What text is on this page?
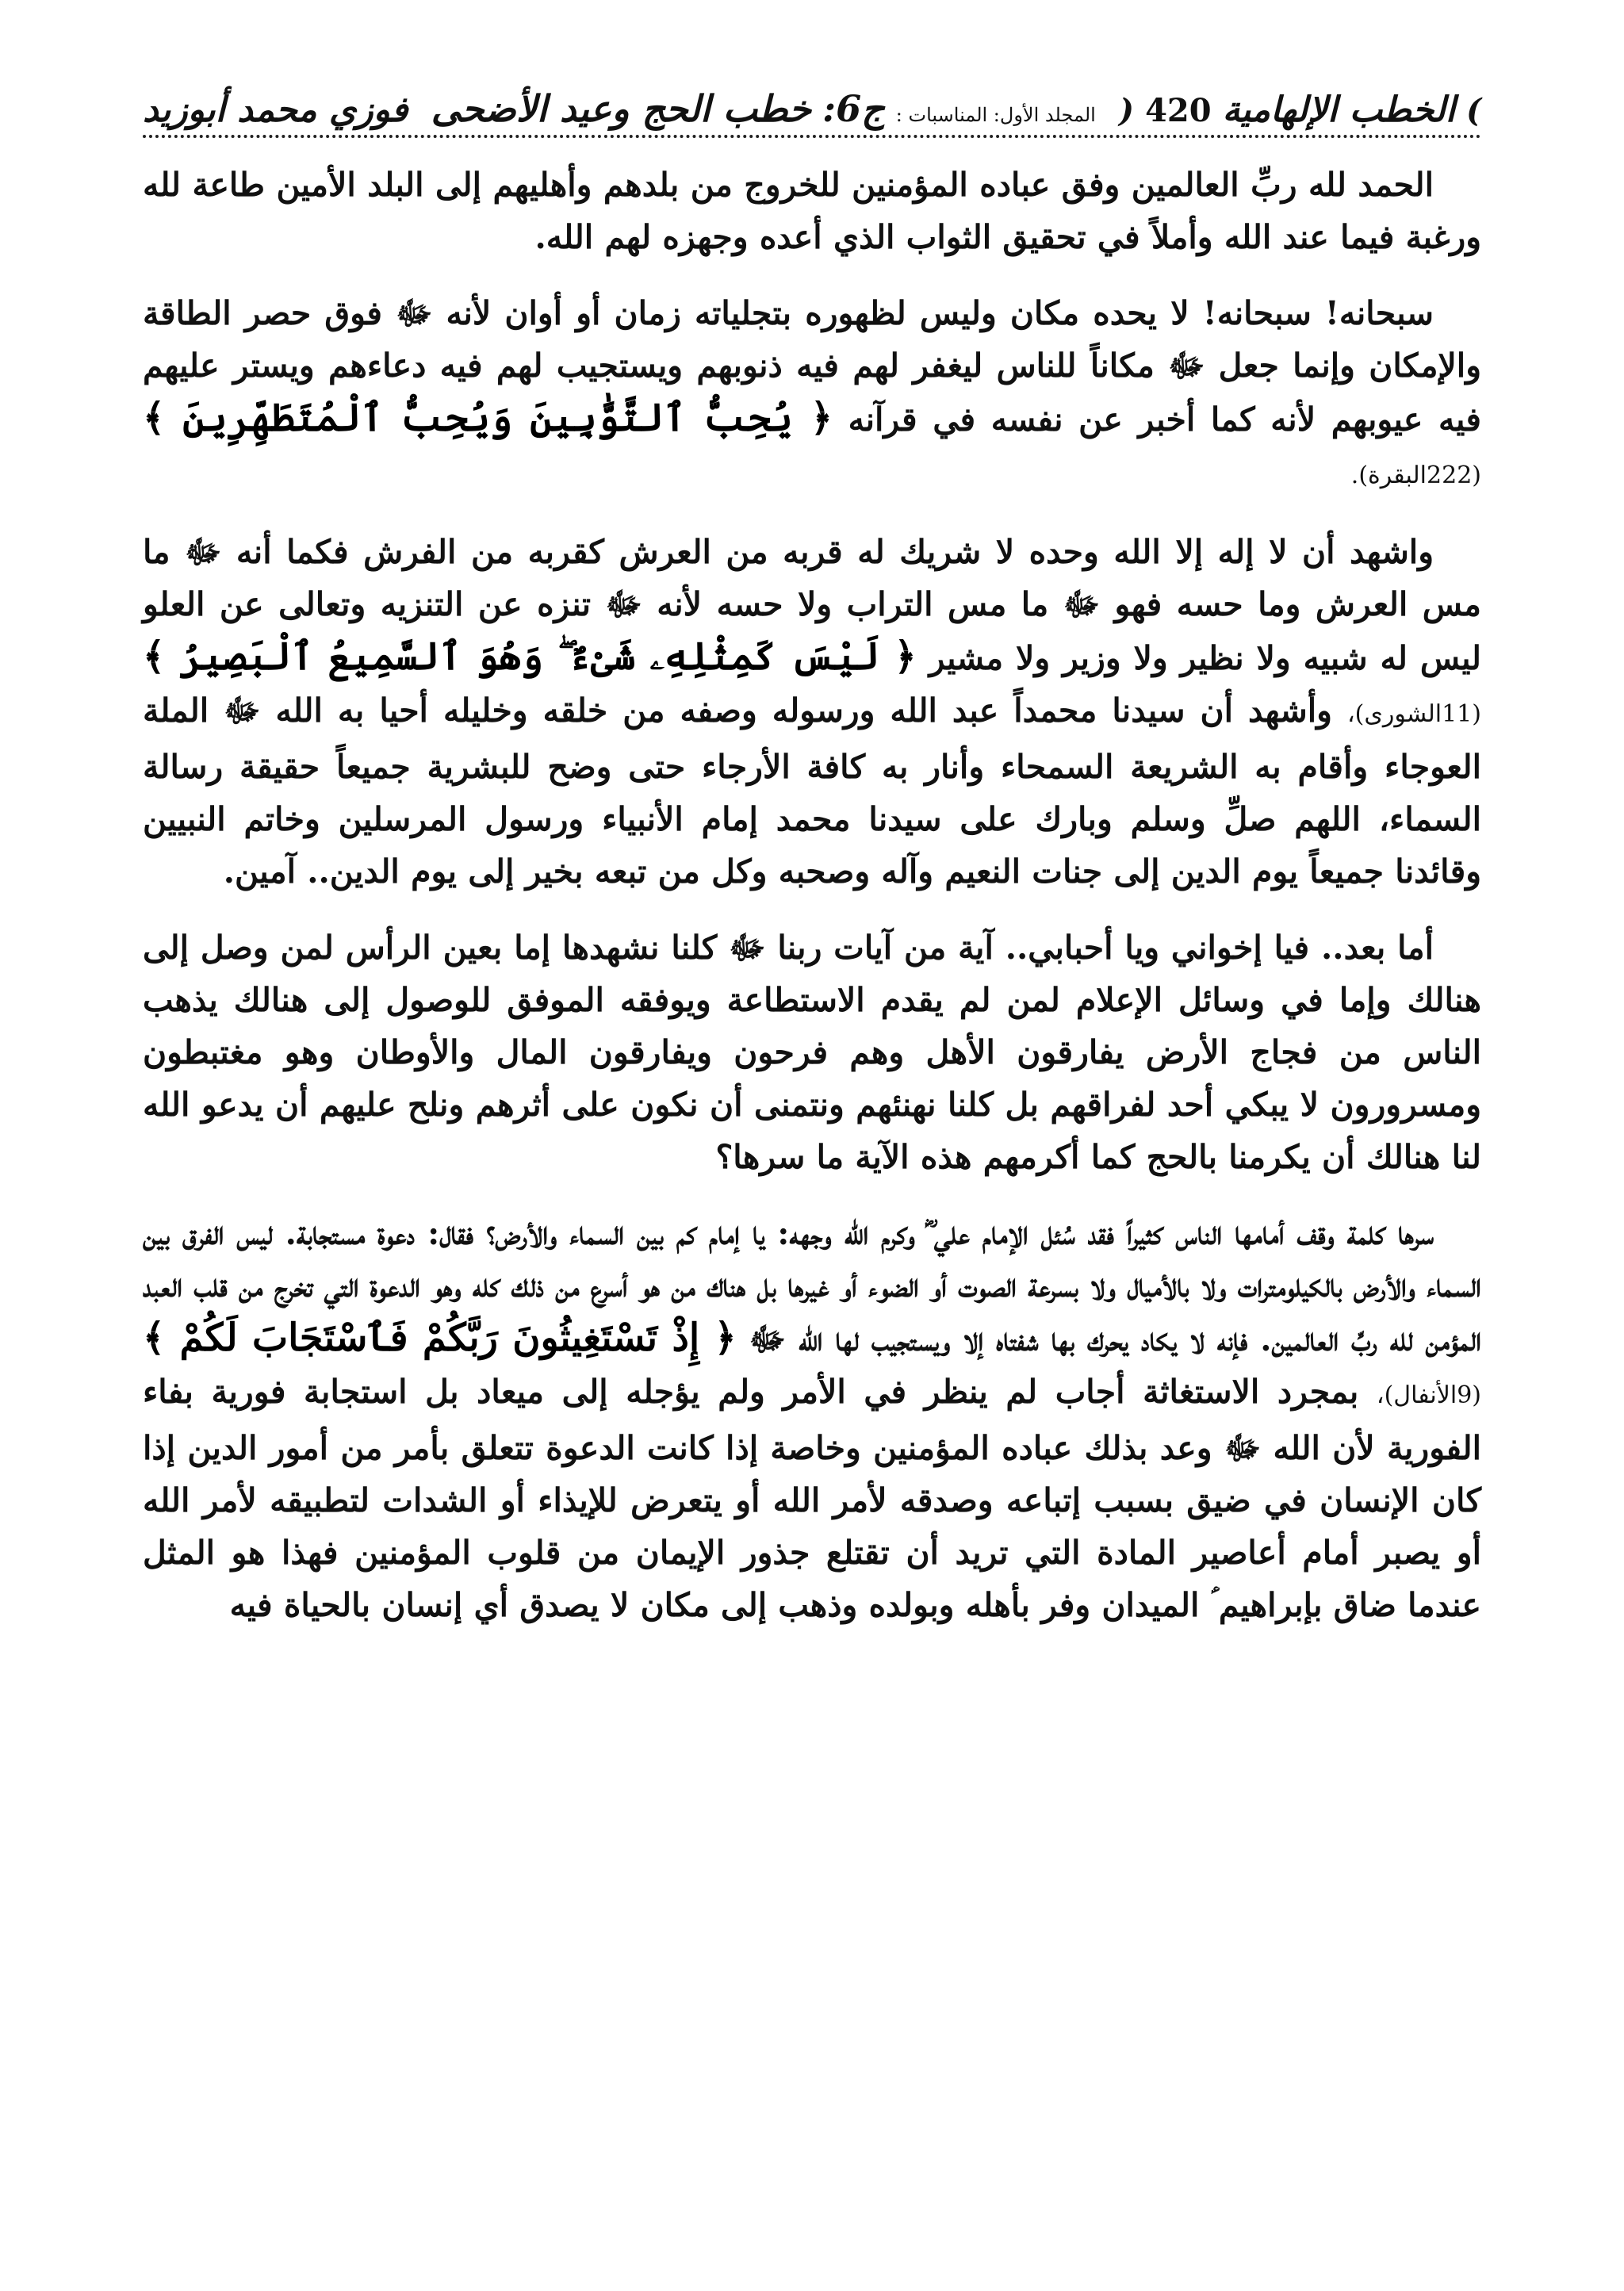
)
الخطب الإلهامية
420
(
المجلد الأول: المناسبات :
ج6:
خطب الحج وعيد الأضحى
فوزي محمد أبوزيد

الحمد لله ربِّ العالمين وفق عباده المؤمنين للخروج من بلدهم وأهليهم إلى البلد الأمين طاعة لله ورغبة فيما عند الله وأملاً في تحقيق الثواب الذي أعده وجهزه لهم الله.

سبحانه! سبحانه! لا يحده مكان وليس لظهوره بتجلياته زمان أو أوان لأنه ﷻ فوق حصر الطاقة والإمكان وإنما جعل ﷻ مكاناً للناس ليغفر لهم فيه ذنوبهم ويستجيب لهم فيه دعاءهم ويستر عليهم فيه عيوبهم لأنه كما أخبر عن نفسه في قرآنه ﴿ يُحِبُّ ٱلتَّوَّٰبِينَ وَيُحِبُّ ٱلْمُتَطَهِّرِينَ ﴾ (222البقرة).

واشهد أن لا إله إلا الله وحده لا شريك له قربه من العرش كقربه من الفرش فكما أنه ﷻ ما مس العرش وما حسه فهو ﷻ ما مس التراب ولا حسه لأنه ﷻ تنزه عن التنزيه وتعالى عن العلو ليس له شبيه ولا نظير ولا وزير ولا مشير ﴿ لَيْسَ كَمِثْلِهِۦ شَىْءٌ ۖ وَهُوَ ٱلسَّمِيعُ ٱلْبَصِيرُ ﴾ (11الشورى)، وأشهد أن سيدنا محمداً عبد الله ورسوله وصفه من خلقه وخليله أحيا به الله ﷻ الملة العوجاء وأقام به الشريعة السمحاء وأنار به كافة الأرجاء حتى وضح للبشرية جميعاً حقيقة رسالة السماء، اللهم صلِّ وسلم وبارك على سيدنا محمد إمام الأنبياء ورسول المرسلين وخاتم النبيين وقائدنا جميعاً يوم الدين إلى جنات النعيم وآله وصحبه وكل من تبعه بخير إلى يوم الدين.. آمين.

أما بعد.. فيا إخواني ويا أحبابي.. آية من آيات ربنا ﷻ كلنا نشهدها إما بعين الرأس لمن وصل إلى هنالك وإما في وسائل الإعلام لمن لم يقدم الاستطاعة ويوفقه الموفق للوصول إلى هنالك يذهب الناس من فجاج الأرض يفارقون الأهل وهم فرحون ويفارقون المال والأوطان وهو مغتبطون ومسرورون لا يبكي أحد لفراقهم بل كلنا نهنئهم ونتمنى أن نكون على أثرهم ونلح عليهم أن يدعو الله لنا هنالك أن يكرمنا بالحج كما أكرمهم هذه الآية ما سرها؟

سرها كلمة وقف أمامها الناس كثيراً فقد سُئل الإمام علي ؓ وكرم الله وجهه: يا إمام كم بين السماء والأرض؟ فقال: دعوة مستجابة. ليس الفرق بين السماء والأرض بالكيلومترات ولا بالأميال ولا بسرعة الصوت أو الضوء أو غيرها بل هناك من هو أسرع من ذلك كله وهو الدعوة التي تخرج من قلب العبد المؤمن لله ربِّ العالمين. فإنه لا يكاد يحرك بها شفتاه إلا ويستجيب لها الله ﷻ ﴿ إِذْ تَسْتَغِيثُونَ رَبَّكُمْ فَٱسْتَجَابَ لَكُمْ ﴾ (9الأنفال)، بمجرد الاستغاثة أجاب لم ينظر في الأمر ولم يؤجله إلى ميعاد بل استجابة فورية بفاء الفورية لأن الله ﷻ وعد بذلك عباده المؤمنين وخاصة إذا كانت الدعوة تتعلق بأمر من أمور الدين إذا كان الإنسان في ضيق بسبب إتباعه وصدقه لأمر الله أو يتعرض للإيذاء أو الشدات لتطبيقه لأمر الله أو يصبر أمام أعاصير المادة التي تريد أن تقتلع جذور الإيمان من قلوب المؤمنين فهذا هو المثل عندما ضاق بإبراهيم ؑ الميدان وفر بأهله وبولده وذهب إلى مكان لا يصدق أي إنسان بالحياة فيه
